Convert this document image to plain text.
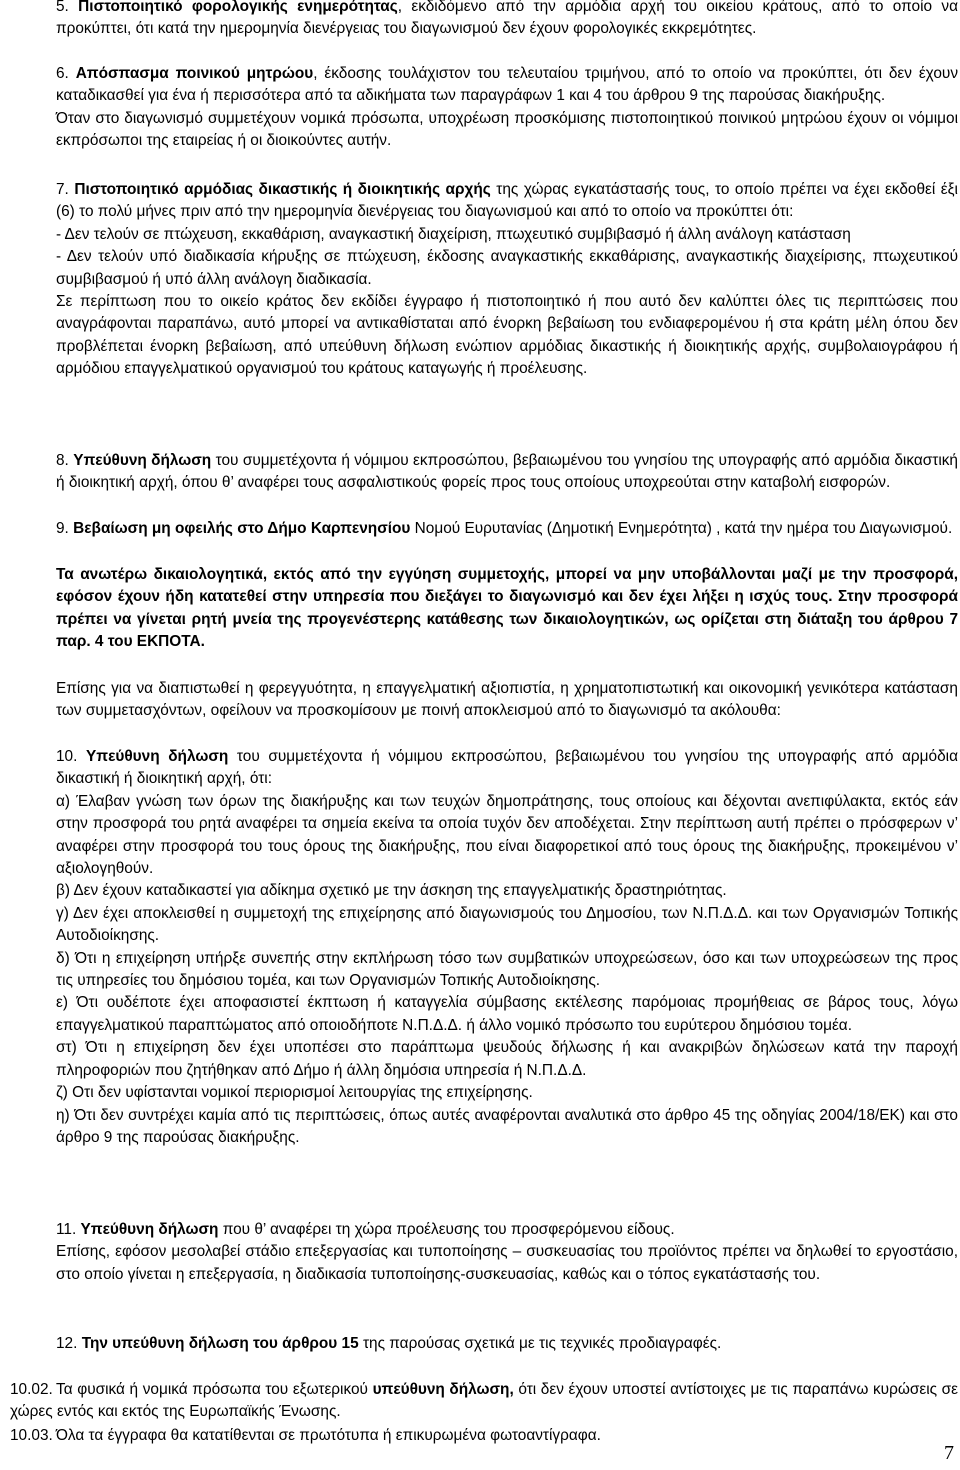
5. Πιστοποιητικό φορολογικής ενημερότητας, εκδιδόμενο από την αρμόδια αρχή του οικείου κράτους, από το οποίο να προκύπτει, ότι κατά την ημερομηνία διενέργειας του διαγωνισμού δεν έχουν φορολογικές εκκρεμότητες.

6. Απόσπασμα ποινικού μητρώου, έκδοσης τουλάχιστον του τελευταίου τριμήνου, από το οποίο να προκύπτει, ότι δεν έχουν καταδικασθεί για ένα ή περισσότερα από τα αδικήματα των παραγράφων 1 και 4 του άρθρου 9 της παρούσας διακήρυξης.

Όταν στο διαγωνισμό συμμετέχουν νομικά πρόσωπα, υποχρέωση προσκόμισης πιστοποιητικού ποινικού μητρώου έχουν οι νόμιμοι εκπρόσωποι της εταιρείας ή οι διοικούντες αυτήν.

7. Πιστοποιητικό αρμόδιας δικαστικής ή διοικητικής αρχής της χώρας εγκατάστασής τους, το οποίο πρέπει να έχει εκδοθεί έξι (6) το πολύ μήνες πριν από την ημερομηνία διενέργειας του διαγωνισμού και από το οποίο να προκύπτει ότι:

- Δεν τελούν σε πτώχευση, εκκαθάριση, αναγκαστική διαχείριση, πτωχευτικό συμβιβασμό ή άλλη ανάλογη κατάσταση

- Δεν τελούν υπό διαδικασία κήρυξης σε πτώχευση, έκδοσης αναγκαστικής εκκαθάρισης, αναγκαστικής διαχείρισης, πτωχευτικού συμβιβασμού ή υπό άλλη ανάλογη διαδικασία.

Σε περίπτωση που το οικείο κράτος δεν εκδίδει έγγραφο ή πιστοποιητικό ή που αυτό δεν καλύπτει όλες τις περιπτώσεις που αναγράφονται παραπάνω, αυτό μπορεί να αντικαθίσταται από ένορκη βεβαίωση του ενδιαφερομένου ή στα κράτη μέλη όπου δεν προβλέπεται ένορκη βεβαίωση, από υπεύθυνη δήλωση ενώπιον αρμόδιας δικαστικής ή διοικητικής αρχής, συμβολαιογράφου ή αρμόδιου επαγγελματικού οργανισμού του κράτους καταγωγής ή προέλευσης.

8. Υπεύθυνη δήλωση του συμμετέχοντα ή νόμιμου εκπροσώπου, βεβαιωμένου του γνησίου της υπογραφής από αρμόδια δικαστική ή διοικητική αρχή, όπου θ’ αναφέρει τους ασφαλιστικούς φορείς προς τους οποίους υποχρεούται στην καταβολή εισφορών.

9. Βεβαίωση μη οφειλής στο Δήμο Καρπενησίου Νομού Ευρυτανίας (Δημοτική Ενημερότητα) , κατά την ημέρα του Διαγωνισμού.

Τα ανωτέρω δικαιολογητικά, εκτός από την εγγύηση συμμετοχής, μπορεί να μην υποβάλλονται μαζί με την προσφορά, εφόσον έχουν ήδη κατατεθεί στην υπηρεσία που διεξάγει το διαγωνισμό και δεν έχει λήξει η ισχύς τους. Στην προσφορά πρέπει να γίνεται ρητή μνεία της προγενέστερης κατάθεσης των δικαιολογητικών, ως ορίζεται στη διάταξη του άρθρου 7 παρ. 4 του ΕΚΠΟΤΑ.

Επίσης για να διαπιστωθεί η φερεγγυότητα, η επαγγελματική αξιοπιστία, η χρηματοπιστωτική και οικονομική γενικότερα κατάσταση των συμμετασχόντων, οφείλουν να προσκομίσουν με ποινή αποκλεισμού από το διαγωνισμό τα ακόλουθα:

10. Υπεύθυνη δήλωση του συμμετέχοντα ή νόμιμου εκπροσώπου, βεβαιωμένου του γνησίου της υπογραφής από αρμόδια δικαστική ή διοικητική αρχή, ότι:

α) Έλαβαν γνώση των όρων της διακήρυξης και των τευχών δημοπράτησης, τους οποίους και δέχονται ανεπιφύλακτα, εκτός εάν στην προσφορά του ρητά αναφέρει τα σημεία εκείνα τα οποία τυχόν δεν αποδέχεται. Στην περίπτωση αυτή πρέπει ο πρόσφερων ν’ αναφέρει στην προσφορά του τους όρους της διακήρυξης, που είναι διαφορετικοί από τους όρους της διακήρυξης, προκειμένου ν’ αξιολογηθούν.

β) Δεν έχουν καταδικαστεί για αδίκημα σχετικό με την άσκηση της επαγγελματικής δραστηριότητας.

γ) Δεν έχει αποκλεισθεί η συμμετοχή της επιχείρησης από διαγωνισμούς του Δημοσίου, των Ν.Π.Δ.Δ. και των Οργανισμών Τοπικής Αυτοδιοίκησης.

δ) Ότι η επιχείρηση υπήρξε συνεπής στην εκπλήρωση τόσο των συμβατικών υποχρεώσεων, όσο και των υποχρεώσεων της προς τις υπηρεσίες του δημόσιου τομέα, και των Οργανισμών Τοπικής Αυτοδιοίκησης.

ε) Ότι ουδέποτε έχει αποφασιστεί έκπτωση ή καταγγελία σύμβασης εκτέλεσης παρόμοιας προμήθειας σε βάρος τους, λόγω επαγγελματικού παραπτώματος από οποιοδήποτε Ν.Π.Δ.Δ. ή άλλο νομικό πρόσωπο του ευρύτερου δημόσιου τομέα.

στ) Ότι η επιχείρηση δεν έχει υποπέσει στο παράπτωμα ψευδούς δήλωσης ή και ανακριβών δηλώσεων κατά την παροχή πληροφοριών που ζητήθηκαν από Δήμο ή άλλη δημόσια υπηρεσία ή Ν.Π.Δ.Δ.

ζ) Οτι δεν υφίστανται νομικοί περιορισμοί λειτουργίας της επιχείρησης.

η) Ότι δεν συντρέχει καμία από τις περιπτώσεις, όπως αυτές αναφέρονται αναλυτικά στο άρθρο 45 της οδηγίας 2004/18/ΕΚ) και στο άρθρο 9 της παρούσας διακήρυξης.

11. Υπεύθυνη δήλωση που θ’ αναφέρει τη χώρα προέλευσης του προσφερόμενου είδους.

Επίσης, εφόσον μεσολαβεί στάδιο επεξεργασίας και τυποποίησης – συσκευασίας του προϊόντος πρέπει να δηλωθεί το εργοστάσιο, στο οποίο γίνεται η επεξεργασία, η διαδικασία τυποποίησης-συσκευασίας, καθώς και ο τόπος εγκατάστασής του.

12. Την υπεύθυνη δήλωση του άρθρου 15 της παρούσας σχετικά με τις τεχνικές προδιαγραφές.

10.02. Τα φυσικά ή νομικά πρόσωπα του εξωτερικού υπεύθυνη δήλωση, ότι δεν έχουν υποστεί αντίστοιχες με τις παραπάνω κυρώσεις σε χώρες εντός και εκτός της Ευρωπαϊκής Ένωσης.

10.03. Όλα τα έγγραφα θα κατατίθενται σε πρωτότυπα ή επικυρωμένα φωτοαντίγραφα.

7
